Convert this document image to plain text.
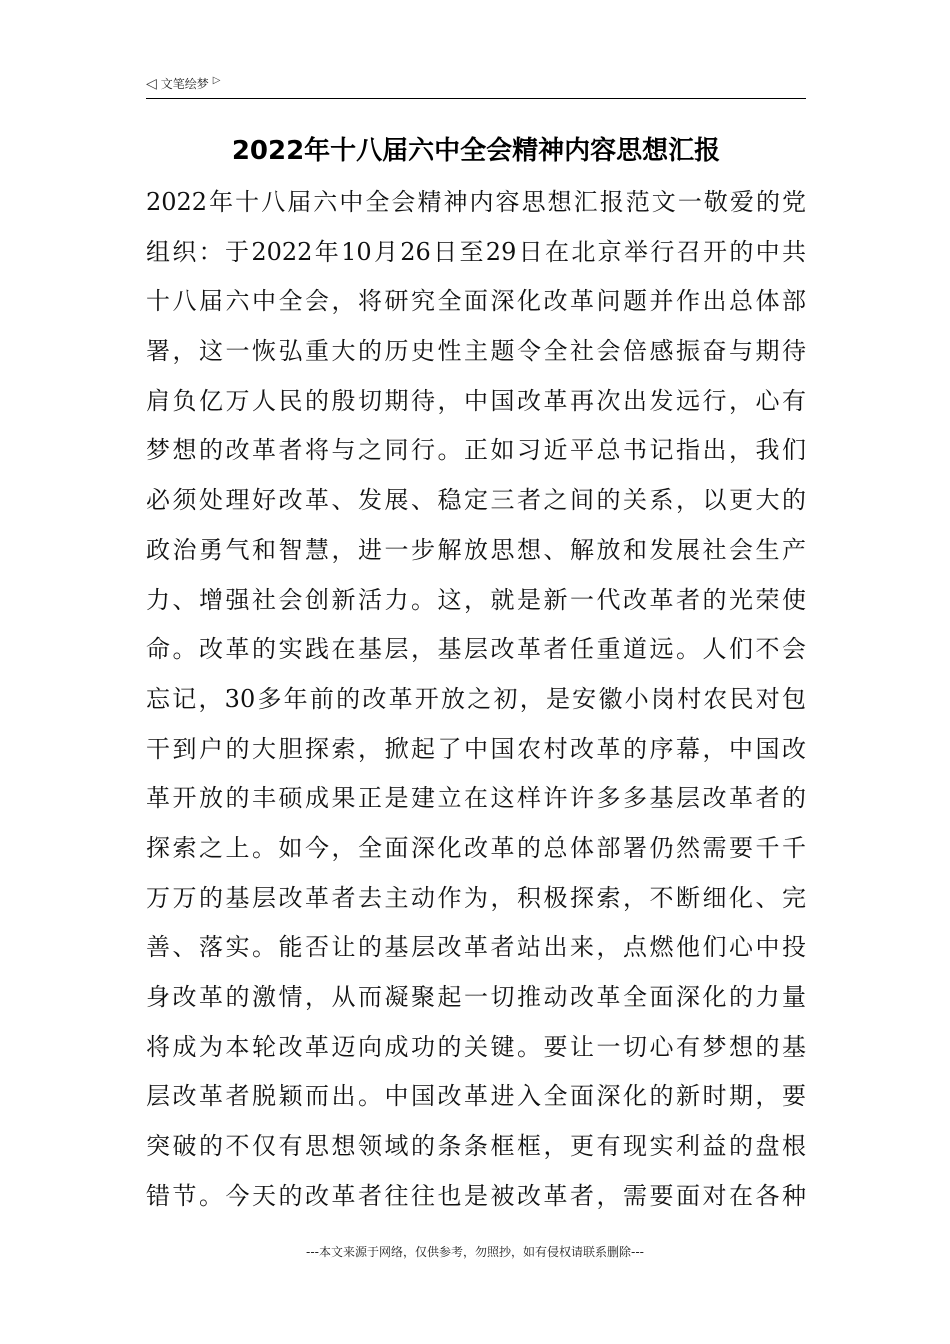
◁ 文笔绘梦 ▷
2022年十八届六中全会精神内容思想汇报
2022年十八届六中全会精神内容思想汇报范文一敬爱的党
组织：于2022年10月26日至29日在北京举行召开的中共
十八届六中全会，将研究全面深化改革问题并作出总体部
署，这一恢弘重大的历史性主题令全社会倍感振奋与期待
肩负亿万人民的殷切期待，中国改革再次出发远行，心有
梦想的改革者将与之同行。正如习近平总书记指出，我们
必须处理好改革、发展、稳定三者之间的关系，以更大的
政治勇气和智慧，进一步解放思想、解放和发展社会生产
力、增强社会创新活力。这，就是新一代改革者的光荣使
命。改革的实践在基层，基层改革者任重道远。人们不会
忘记，30多年前的改革开放之初，是安徽小岗村农民对包
干到户的大胆探索，掀起了中国农村改革的序幕，中国改
革开放的丰硕成果正是建立在这样许许多多基层改革者的
探索之上。如今，全面深化改革的总体部署仍然需要千千
万万的基层改革者去主动作为，积极探索，不断细化、完
善、落实。能否让的基层改革者站出来，点燃他们心中投
身改革的激情，从而凝聚起一切推动改革全面深化的力量
将成为本轮改革迈向成功的关键。要让一切心有梦想的基
层改革者脱颖而出。中国改革进入全面深化的新时期，要
突破的不仅有思想领域的条条框框，更有现实利益的盘根
错节。今天的改革者往往也是被改革者，需要面对在各种
---本文来源于网络，仅供参考，勿照抄，如有侵权请联系删除---
